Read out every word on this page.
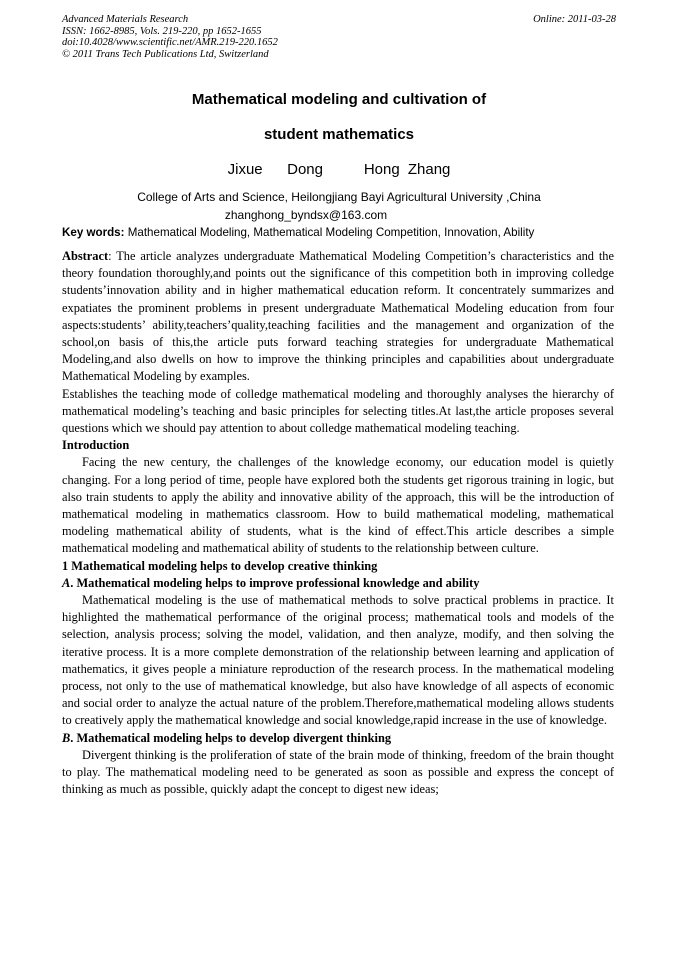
Advanced Materials Research
ISSN: 1662-8985, Vols. 219-220, pp 1652-1655
doi:10.4028/www.scientific.net/AMR.219-220.1652
© 2011 Trans Tech Publications Ltd, Switzerland
Online: 2011-03-28
Mathematical modeling and cultivation of
student mathematics
Jixue   Dong     Hong Zhang
College of Arts and Science, Heilongjiang Bayi Agricultural University ,China
zhanghong_byndsx@163.com
Key words: Mathematical Modeling, Mathematical Modeling Competition, Innovation, Ability

Abstract: The article analyzes undergraduate Mathematical Modeling Competition’s characteristics and the theory foundation thoroughly,and points out the significance of this competition both in improving colledge students’innovation ability and in higher mathematical education reform. It concentrately summarizes and expatiates the prominent problems in present undergraduate Mathematical Modeling education from four aspects:students’ ability,teachers’quality,teaching facilities and the management and organization of the school,on basis of this,the article puts forward teaching strategies for undergraduate Mathematical Modeling,and also dwells on how to improve the thinking principles and capabilities about undergraduate Mathematical Modeling by examples.

Establishes the teaching mode of colledge mathematical modeling and thoroughly analyses the hierarchy of mathematical modeling’s teaching and basic principles for selecting titles.At last,the article proposes several questions which we should pay attention to about colledge mathematical modeling teaching.

Introduction

Facing the new century, the challenges of the knowledge economy, our education model is quietly changing. For a long period of time, people have explored both the students get rigorous training in logic, but also train students to apply the ability and innovative ability of the approach, this will be the introduction of mathematical modeling in mathematics classroom. How to build mathematical modeling, mathematical modeling mathematical ability of students, what is the kind of effect.This article describes a simple mathematical modeling and mathematical ability of students to the relationship between culture.

1 Mathematical modeling helps to develop creative thinking
A. Mathematical modeling helps to improve professional knowledge and ability

Mathematical modeling is the use of mathematical methods to solve practical problems in practice. It highlighted the mathematical performance of the original process; mathematical tools and models of the selection, analysis process; solving the model, validation, and then analyze, modify, and then solving the iterative process. It is a more complete demonstration of the relationship between learning and application of mathematics, it gives people a miniature reproduction of the research process. In the mathematical modeling process, not only to the use of mathematical knowledge, but also have knowledge of all aspects of economic and social order to analyze the actual nature of the problem.Therefore,mathematical modeling allows students to creatively apply the mathematical knowledge and social knowledge,rapid increase in the use of knowledge.

B. Mathematical modeling helps to develop divergent thinking

Divergent thinking is the proliferation of state of the brain mode of thinking, freedom of the brain thought to play. The mathematical modeling need to be generated as soon as possible and express the concept of thinking as much as possible, quickly adapt the concept to digest new ideas;
